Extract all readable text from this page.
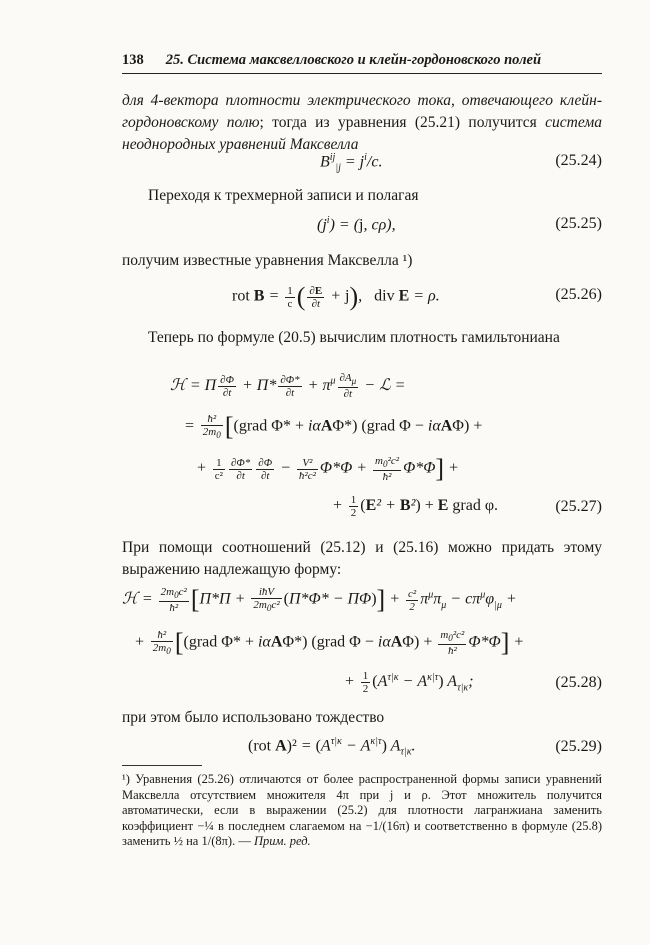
138 25. Система максвелловского и клейн-гордоновского полей
для 4-вектора плотности электрического тока, отвечающего клейн-гордоновскому полю; тогда из уравнения (25.21) получится система неоднородных уравнений Максвелла
$B^{ij}_{|j} = j^i/c$.	(25.24)
Переходя к трехмерной записи и полагая
$(j^i) = (j$, cρ),	(25.25)
получим известные уравнения Максвелла ¹)
rot $B = \frac{1}{c}$ ( $\frac{\partial E}{\partial t} + j$),   div E = ρ.	(25.26)
Теперь по формуле (20.5) вычислим плотность гамильтониана
ℋ = Π $\frac{\partial\Phi}{\partial t} + \Pi* \frac{\partial\Phi*}{\partial t} + \pi^\mu \frac{\partial A_\mu}{\partial t}$ − ℒ =
= $\frac{\text{ħ²}}{2m_0}$ [(grad Φ* + iαAΦ*) (grad Φ − iαAΦ) +
+ $\frac{1}{\text{c²}} \frac{\partial\Phi*}{\partial t} \frac{\partial\Phi}{\partial t} - \frac{\text{V²}}{\text{ħ²c²}} \Phi*\Phi + \frac{m_0^2c^2}{\text{ħ²}} \Phi*\Phi$] +
+ $\frac{1}{2} (E^2 + B^2) + E$ grad φ.	(25.27)
При помощи соотношений (25.12) и (25.16) можно придать этому выражению надлежащую форму:
ℋ = $\frac{2m_0c^2}{\text{ħ²}} [\Pi*\Pi + \frac{\text{iħV}}{2m_0c^2} (\Pi*\Phi* - \Pi\Phi)] + \frac{\text{c²}}{2} \pi^\mu\pi_\mu - c\pi^\mu\varphi_{|\mu}$ +
+ $\frac{\text{ħ²}}{2m_0}$ [(grad Φ* + iαAΦ*) (grad $\Phi - i\alpha A\Phi) + \frac{m_0^2c^2}{\text{ħ²}} \Phi*\Phi$] +
+ $\frac{1}{2} (A^{\tau|\kappa} - A^{\kappa|\tau})$ $A_{\tau|\kappa}$;	(25.28)
при этом было использовано тождество
(rot $A)^2 = (A^{\tau|\kappa} - A^{\kappa|\tau})$ $A_{\tau|\kappa}$.	(25.29)
¹) Уравнения (25.26) отличаются от более распространенной формы записи уравнений Максвелла отсутствием множителя 4π при j и ρ. Этот множитель получится автоматически, если в выражении (25.2) для плотности лагранжиана заменить коэффициент −¼ в последнем слагаемом на −1/(16π) и соответственно в формуле (25.8) заменить ½ на 1/(8π). — Прим. ред.
